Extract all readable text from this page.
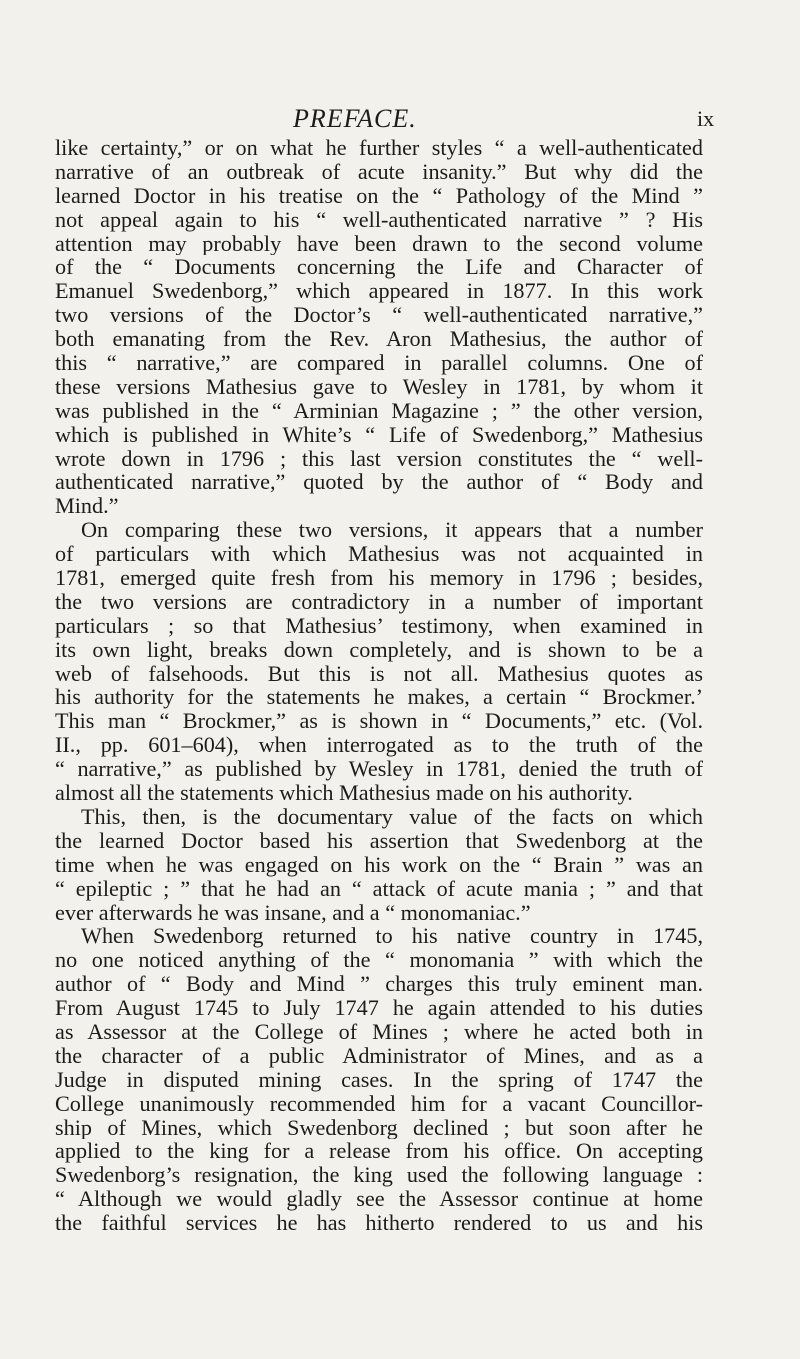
PREFACE.	ix
like certainty,” or on what he further styles “ a well-authenticated
narrative of an outbreak of acute insanity.” But why did the
learned Doctor in his treatise on the “ Pathology of the Mind ”
not appeal again to his “ well-authenticated narrative ” ? His
attention may probably have been drawn to the second volume
of the “ Documents concerning the Life and Character of
Emanuel Swedenborg,” which appeared in 1877. In this work
two versions of the Doctor’s “ well-authenticated narrative,”
both emanating from the Rev. Aron Mathesius, the author of
this “ narrative,” are compared in parallel columns. One of
these versions Mathesius gave to Wesley in 1781, by whom it
was published in the “ Arminian Magazine ; ” the other version,
which is published in White’s “ Life of Swedenborg,” Mathesius
wrote down in 1796 ; this last version constitutes the “ well-
authenticated narrative,” quoted by the author of “ Body and
Mind.”
On comparing these two versions, it appears that a number
of particulars with which Mathesius was not acquainted in
1781, emerged quite fresh from his memory in 1796 ; besides,
the two versions are contradictory in a number of important
particulars ; so that Mathesius’ testimony, when examined in
its own light, breaks down completely, and is shown to be a
web of falsehoods. But this is not all. Mathesius quotes as
his authority for the statements he makes, a certain “ Brockmer.’
This man “ Brockmer,” as is shown in “ Documents,” etc. (Vol.
II., pp. 601–604), when interrogated as to the truth of the
“ narrative,” as published by Wesley in 1781, denied the truth of
almost all the statements which Mathesius made on his authority.
This, then, is the documentary value of the facts on which
the learned Doctor based his assertion that Swedenborg at the
time when he was engaged on his work on the “ Brain ” was an
“ epileptic ; ” that he had an “ attack of acute mania ; ” and that
ever afterwards he was insane, and a “ monomaniac.”
When Swedenborg returned to his native country in 1745,
no one noticed anything of the “ monomania ” with which the
author of “ Body and Mind ” charges this truly eminent man.
From August 1745 to July 1747 he again attended to his duties
as Assessor at the College of Mines ; where he acted both in
the character of a public Administrator of Mines, and as a
Judge in disputed mining cases. In the spring of 1747 the
College unanimously recommended him for a vacant Councillor-
ship of Mines, which Swedenborg declined ; but soon after he
applied to the king for a release from his office. On accepting
Swedenborg’s resignation, the king used the following language :
“ Although we would gladly see the Assessor continue at home
the faithful services he has hitherto rendered to us and his
